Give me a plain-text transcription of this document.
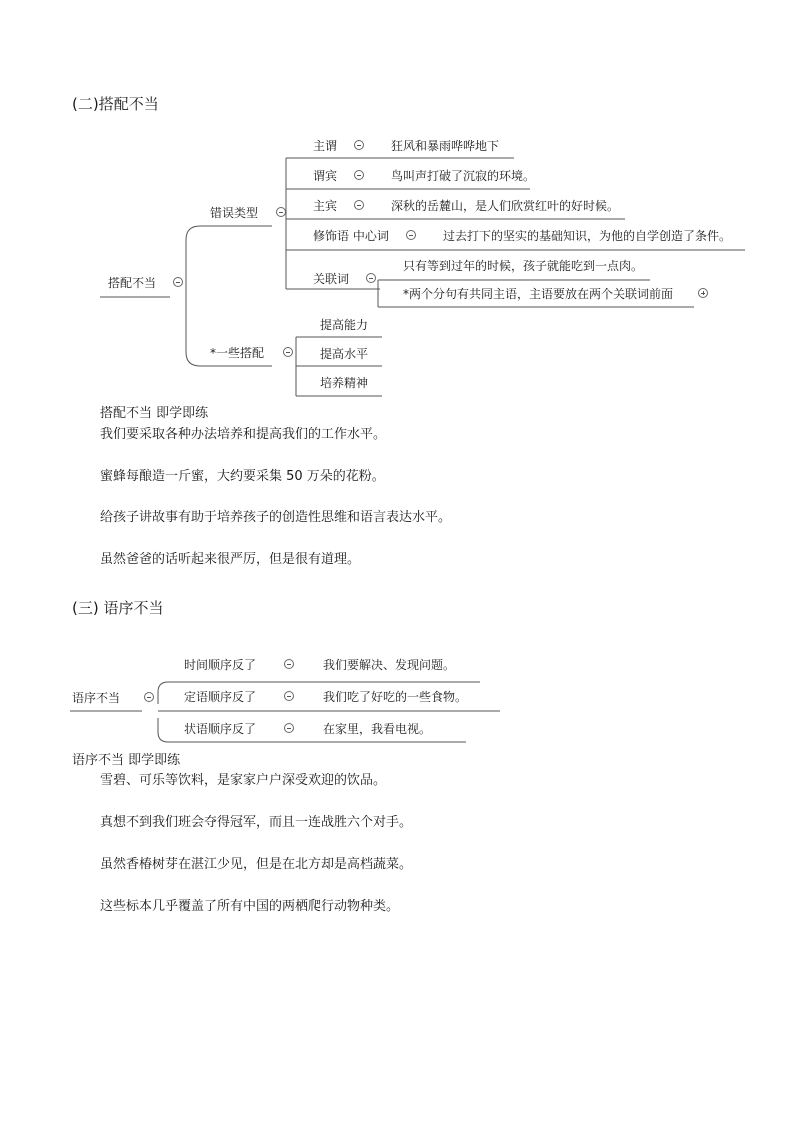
(二)搭配不当
搭配不当
错误类型
主谓	狂风和暴雨哗哗地下
谓宾	鸟叫声打破了沉寂的环境。
主宾	深秋的岳麓山，是人们欣赏红叶的好时候。
修饰语 中心词	过去打下的坚实的基础知识，为他的自学创造了条件。
关联词
只有等到过年的时候，孩子就能吃到一点肉。
*两个分句有共同主语，主语要放在两个关联词前面
*一些搭配
提高能力
提高水平
培养精神
搭配不当 即学即练
我们要采取各种办法培养和提高我们的工作水平。
蜜蜂每酿造一斤蜜，大约要采集 50 万朵的花粉。
给孩子讲故事有助于培养孩子的创造性思维和语言表达水平。
虽然爸爸的话听起来很严厉，但是很有道理。
(三) 语序不当
语序不当
时间顺序反了	我们要解决、发现问题。
定语顺序反了	我们吃了好吃的一些食物。
状语顺序反了	在家里，我看电视。
语序不当 即学即练
雪碧、可乐等饮料，是家家户户深受欢迎的饮品。
真想不到我们班会夺得冠军，而且一连战胜六个对手。
虽然香椿树芽在湛江少见，但是在北方却是高档蔬菜。
这些标本几乎覆盖了所有中国的两栖爬行动物种类。
